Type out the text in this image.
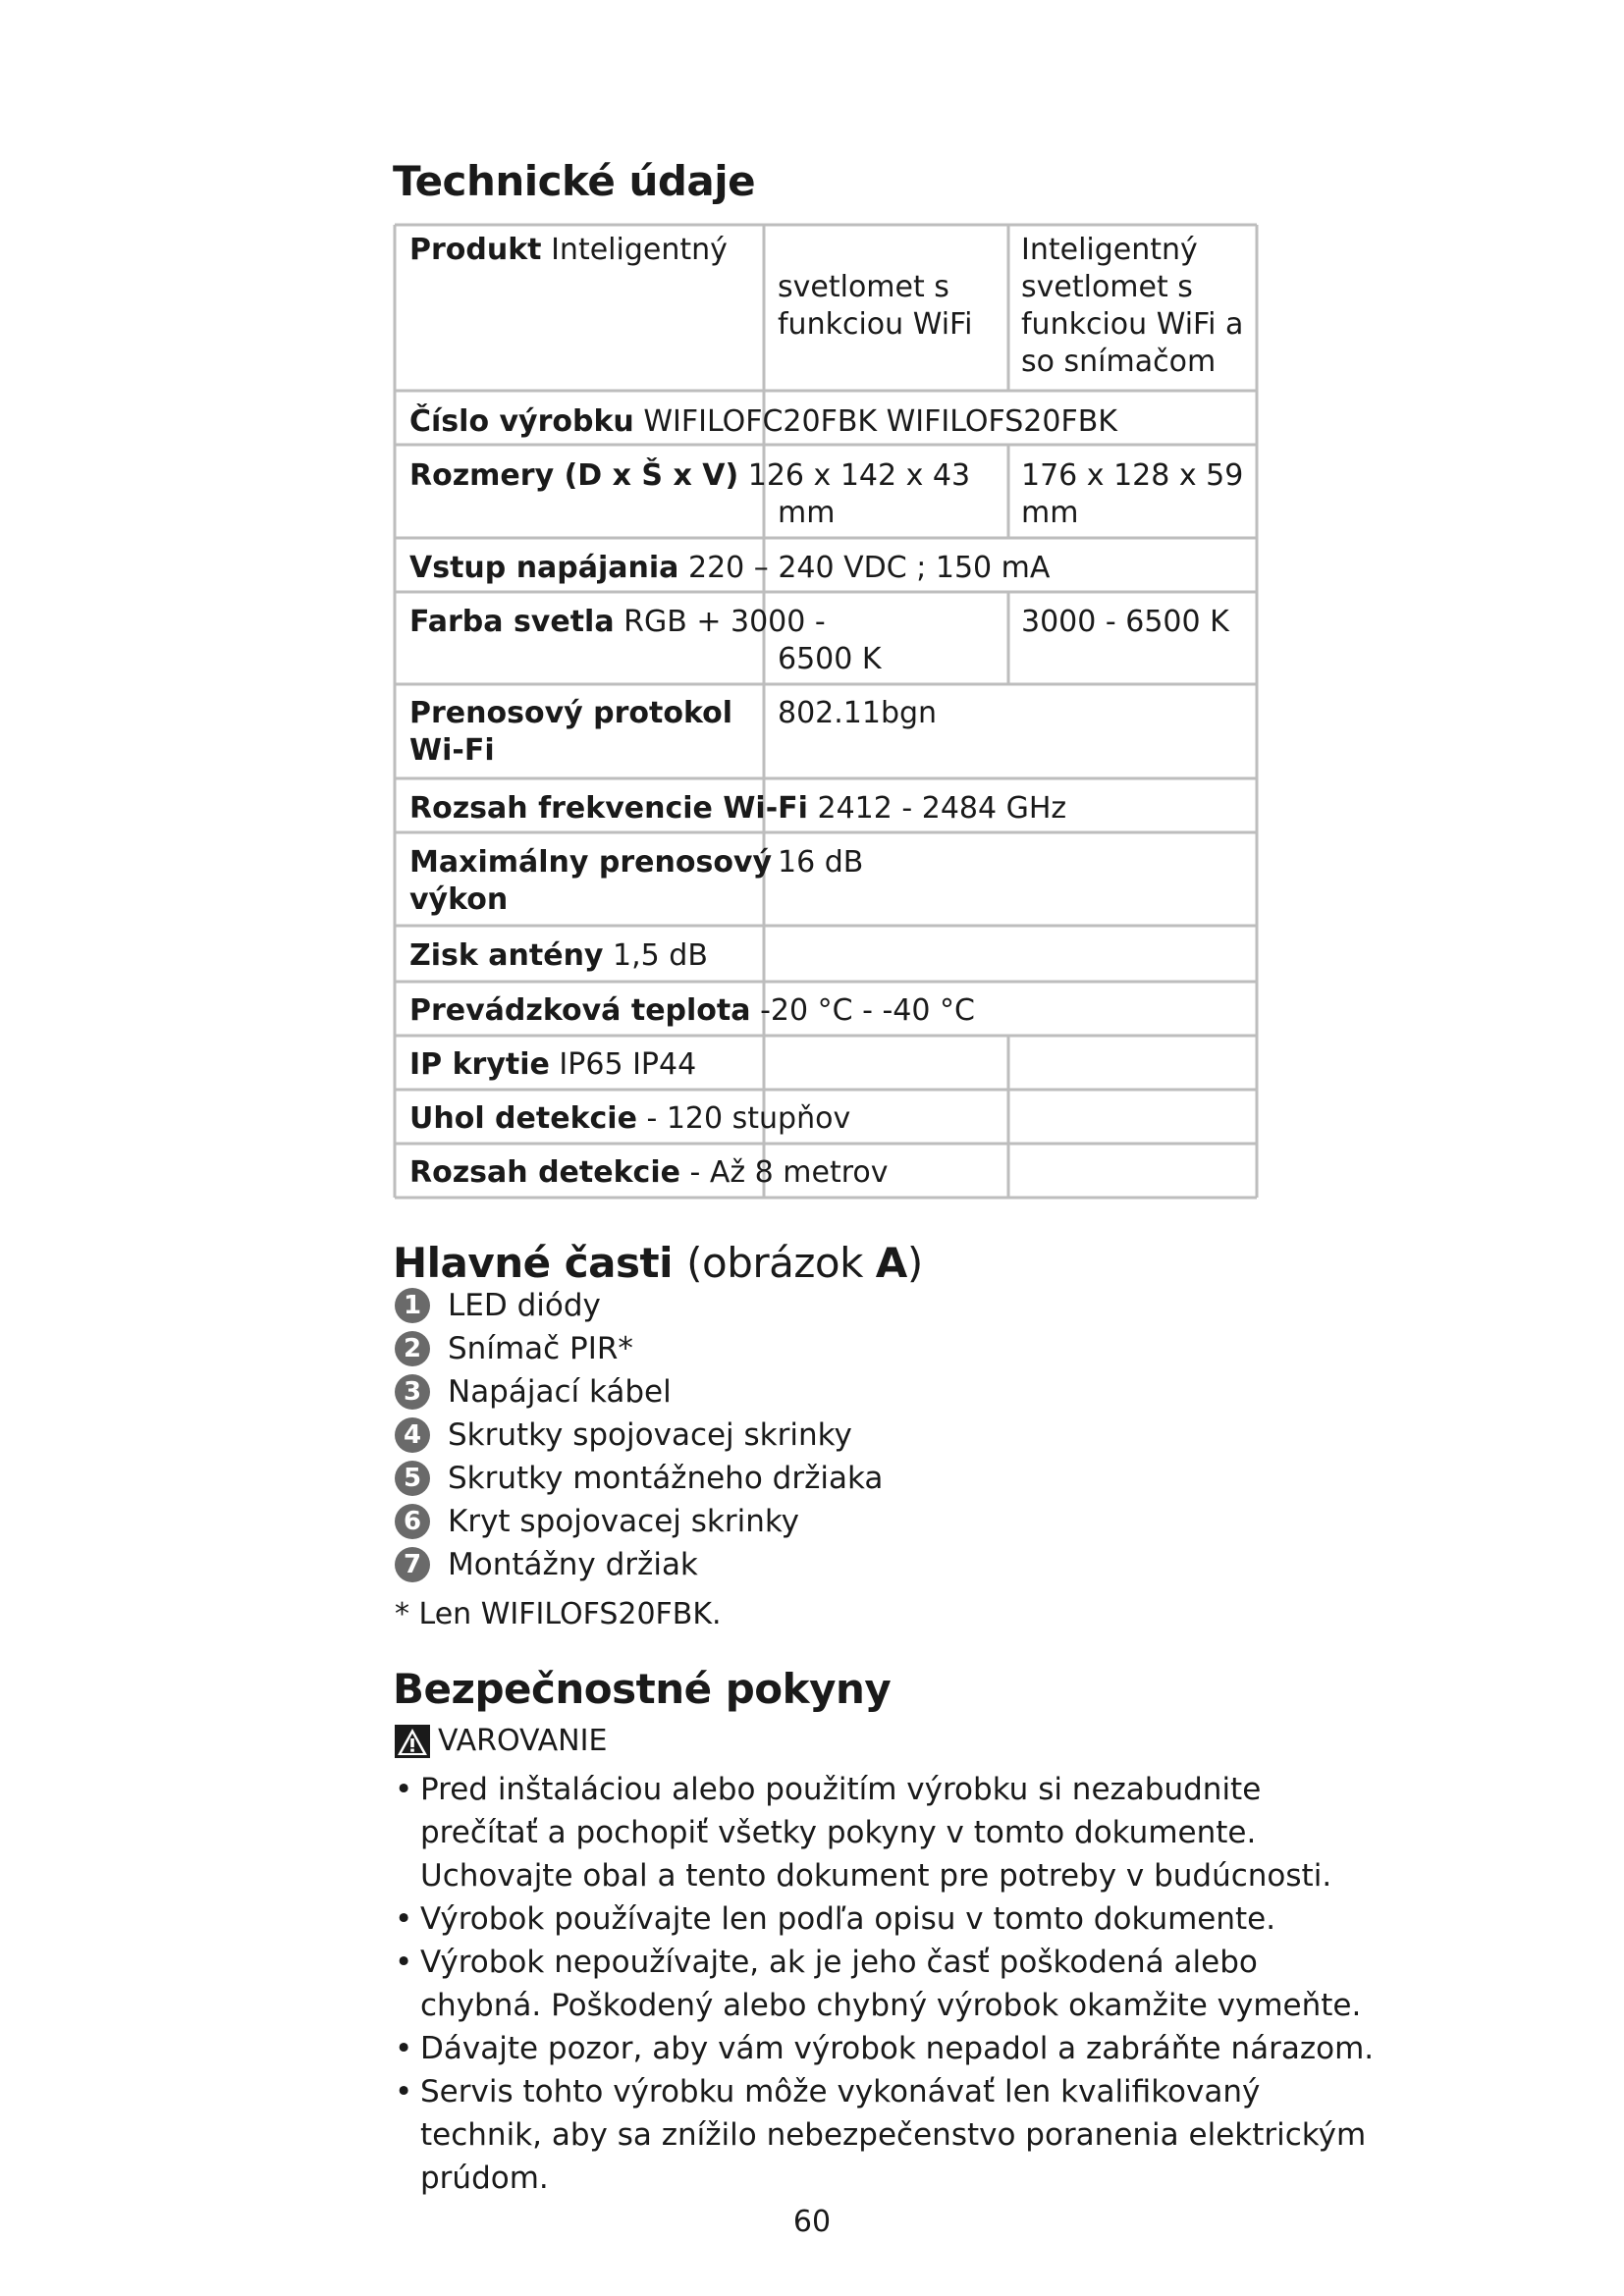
Technické údaje
Produkt Inteligentný
svetlomet s funkciou WiFi
Inteligentný svetlomet s funkciou WiFi a so snímačom
Číslo výrobku WIFILOFC20FBK WIFILOFS20FBK
Rozmery (D x Š x V) 126 x 142 x 43
mm
176 x 128 x 59
mm
Vstup napájania 220 – 240 VDC ; 150 mA
Farba svetla RGB + 3000 -
6500 K
3000 - 6500 K
Prenosový protokol
Wi-Fi
802.11bgn
Rozsah frekvencie Wi-Fi 2412 - 2484 GHz
Maximálny prenosový
výkon
16 dB
Zisk antény 1,5 dB
Prevádzková teplota -20 °C - -40 °C
IP krytie IP65 IP44
Uhol detekcie - 120 stupňov
Rozsah detekcie - Až 8 metrov
Hlavné časti (obrázok A)
1 LED diódy
2 Snímač PIR*
3 Napájací kábel
4 Skrutky spojovacej skrinky
5 Skrutky montážneho držiaka
6 Kryt spojovacej skrinky
7 Montážny držiak
* Len WIFILOFS20FBK.
Bezpečnostné pokyny
VAROVANIE
• Pred inštaláciou alebo použitím výrobku si nezabudnite
prečítať a pochopiť všetky pokyny v tomto dokumente.
Uchovajte obal a tento dokument pre potreby v budúcnosti.
• Výrobok používajte len podľa opisu v tomto dokumente.
• Výrobok nepoužívajte, ak je jeho časť poškodená alebo
chybná. Poškodený alebo chybný výrobok okamžite vymeňte.
• Dávajte pozor, aby vám výrobok nepadol a zabráňte nárazom.
• Servis tohto výrobku môže vykonávať len kvalifikovaný
technik, aby sa znížilo nebezpečenstvo poranenia elektrickým
prúdom.
60
